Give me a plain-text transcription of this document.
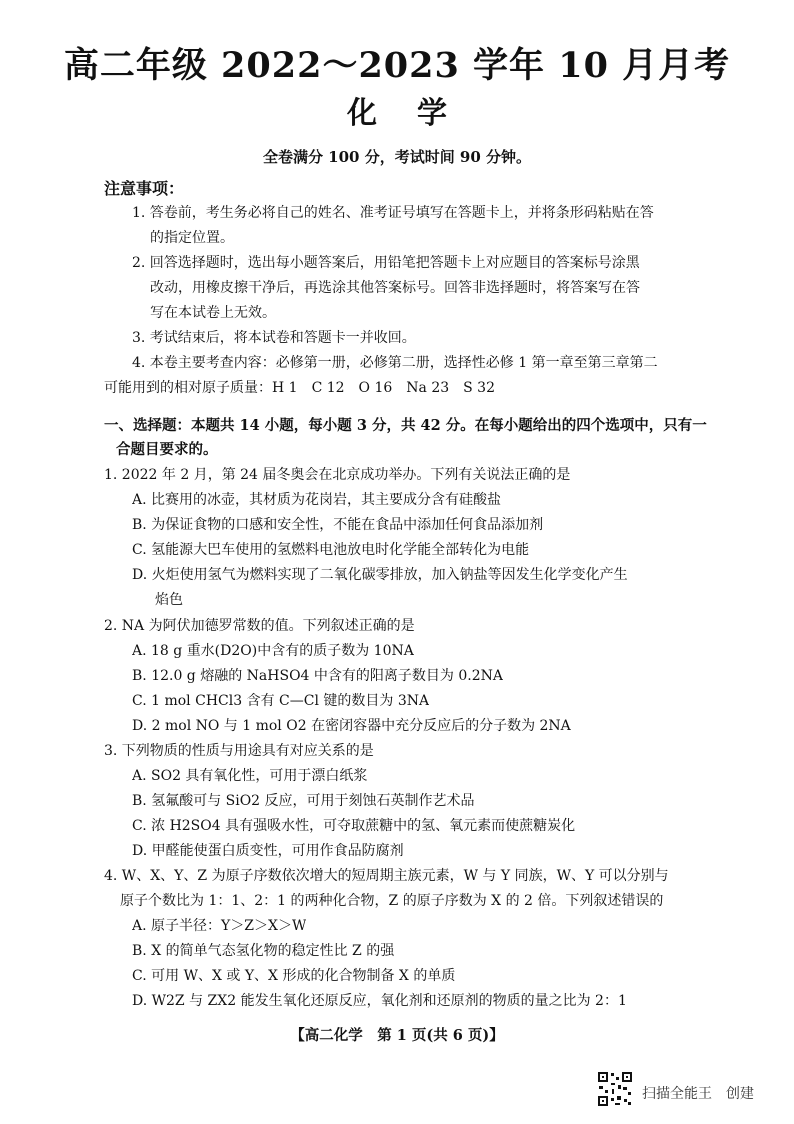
高二年级 2022～2023 学年 10 月月考
化学
全卷满分 100 分，考试时间 90 分钟。
注意事项：
1. 答卷前，考生务必将自己的姓名、准考证号填写在答题卡上，并将条形码粘贴在答
的指定位置。
2. 回答选择题时，选出每小题答案后，用铅笔把答题卡上对应题目的答案标号涂黑
改动，用橡皮擦干净后，再选涂其他答案标号。回答非选择题时，将答案写在答
写在本试卷上无效。
3. 考试结束后，将本试卷和答题卡一并收回。
4. 本卷主要考查内容：必修第一册，必修第二册，选择性必修 1 第一章至第三章第二
可能用到的相对原子质量：H 1　C 12　O 16　Na 23　S 32
一、选择题：本题共 14 小题，每小题 3 分，共 42 分。在每小题给出的四个选项中，只有一
合题目要求的。
1. 2022 年 2 月，第 24 届冬奥会在北京成功举办。下列有关说法正确的是
A. 比赛用的冰壶，其材质为花岗岩，其主要成分含有硅酸盐
B. 为保证食物的口感和安全性，不能在食品中添加任何食品添加剂
C. 氢能源大巴车使用的氢燃料电池放电时化学能全部转化为电能
D. 火炬使用氢气为燃料实现了二氧化碳零排放，加入钠盐等因发生化学变化产生
焰色
2. NA 为阿伏加德罗常数的值。下列叙述正确的是
A. 18 g 重水(D2O)中含有的质子数为 10NA
B. 12.0 g 熔融的 NaHSO4 中含有的阳离子数目为 0.2NA
C. 1 mol CHCl3 含有 C—Cl 键的数目为 3NA
D. 2 mol NO 与 1 mol O2 在密闭容器中充分反应后的分子数为 2NA
3. 下列物质的性质与用途具有对应关系的是
A. SO2 具有氧化性，可用于漂白纸浆
B. 氢氟酸可与 SiO2 反应，可用于刻蚀石英制作艺术品
C. 浓 H2SO4 具有强吸水性，可夺取蔗糖中的氢、氧元素而使蔗糖炭化
D. 甲醛能使蛋白质变性，可用作食品防腐剂
4. W、X、Y、Z 为原子序数依次增大的短周期主族元素，W 与 Y 同族，W、Y 可以分别与
原子个数比为 1：1、2：1 的两种化合物，Z 的原子序数为 X 的 2 倍。下列叙述错误的
A. 原子半径：Y＞Z＞X＞W
B. X 的简单气态氢化物的稳定性比 Z 的强
C. 可用 W、X 或 Y、X 形成的化合物制备 X 的单质
D. W2Z 与 ZX2 能发生氧化还原反应，氧化剂和还原剂的物质的量之比为 2：1
【高二化学　第 1 页(共 6 页)】
扫描全能王　创建
